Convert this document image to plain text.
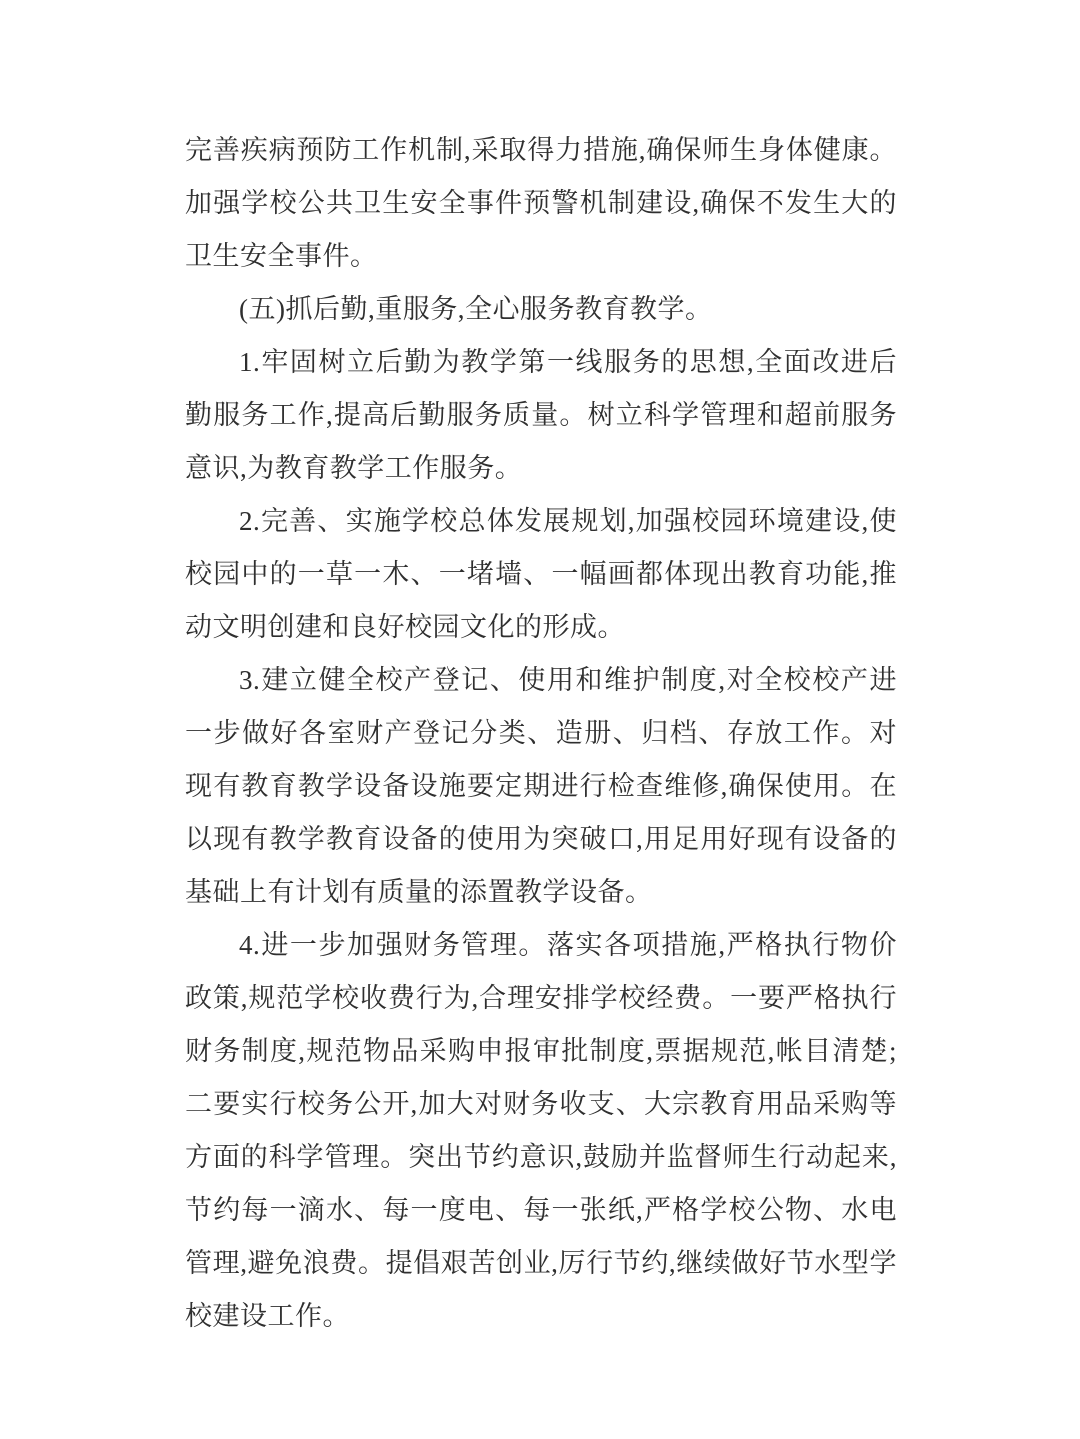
完善疾病预防工作机制,采取得力措施,确保师生身体健康。加强学校公共卫生安全事件预警机制建设,确保不发生大的卫生安全事件。

(五)抓后勤,重服务,全心服务教育教学。

1.牢固树立后勤为教学第一线服务的思想,全面改进后勤服务工作,提高后勤服务质量。树立科学管理和超前服务意识,为教育教学工作服务。

2.完善、实施学校总体发展规划,加强校园环境建设,使校园中的一草一木、一堵墙、一幅画都体现出教育功能,推动文明创建和良好校园文化的形成。

3.建立健全校产登记、使用和维护制度,对全校校产进一步做好各室财产登记分类、造册、归档、存放工作。对现有教育教学设备设施要定期进行检查维修,确保使用。在以现有教学教育设备的使用为突破口,用足用好现有设备的基础上有计划有质量的添置教学设备。

4.进一步加强财务管理。落实各项措施,严格执行物价政策,规范学校收费行为,合理安排学校经费。一要严格执行财务制度,规范物品采购申报审批制度,票据规范,帐目清楚;二要实行校务公开,加大对财务收支、大宗教育用品采购等方面的科学管理。突出节约意识,鼓励并监督师生行动起来,节约每一滴水、每一度电、每一张纸,严格学校公物、水电管理,避免浪费。提倡艰苦创业,厉行节约,继续做好节水型学校建设工作。
